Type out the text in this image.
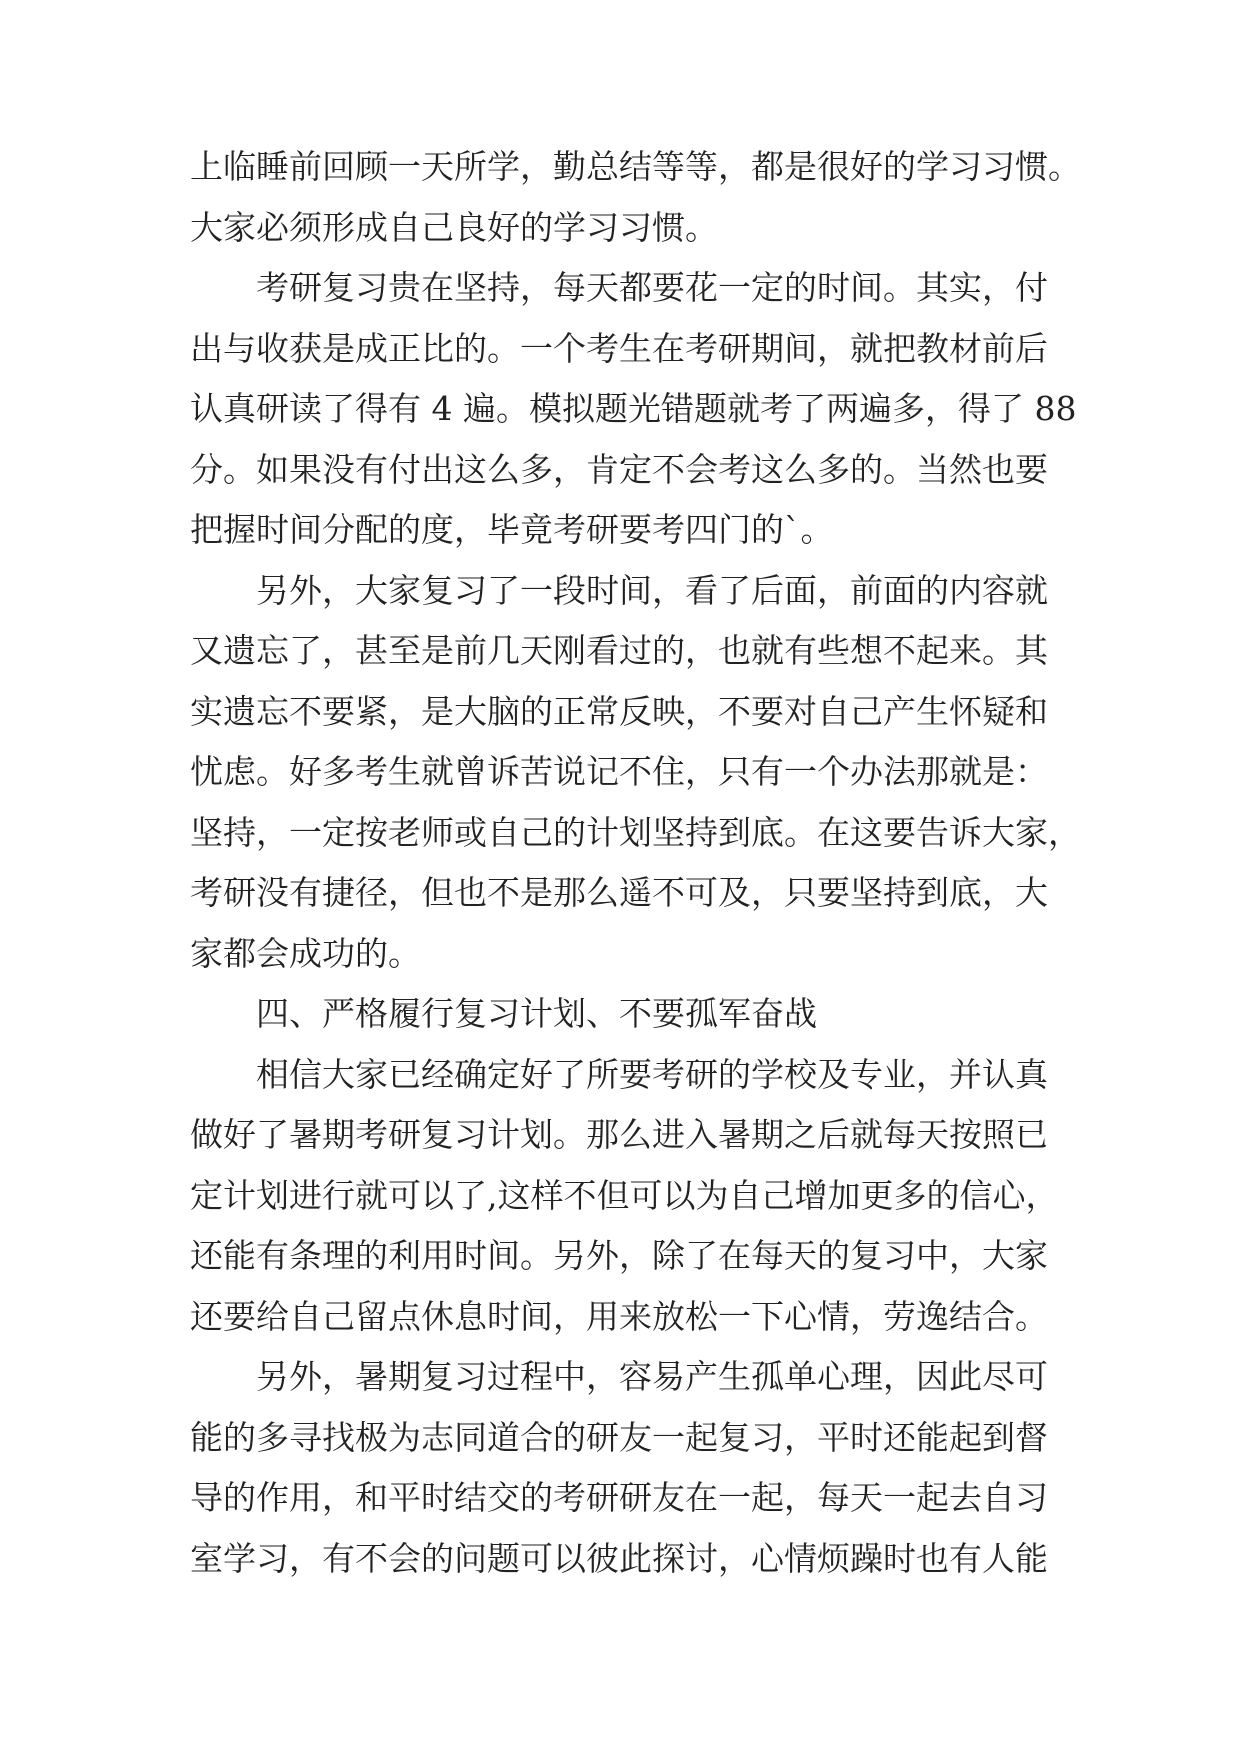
上临睡前回顾一天所学，勤总结等等，都是很好的学习习惯。
大家必须形成自己良好的学习习惯。
考研复习贵在坚持，每天都要花一定的时间。其实，付
出与收获是成正比的。一个考生在考研期间，就把教材前后
认真研读了得有 4 遍。模拟题光错题就考了两遍多，得了 88
分。如果没有付出这么多，肯定不会考这么多的。当然也要
把握时间分配的度，毕竟考研要考四门的`。
另外，大家复习了一段时间，看了后面，前面的内容就
又遗忘了，甚至是前几天刚看过的，也就有些想不起来。其
实遗忘不要紧，是大脑的正常反映，不要对自己产生怀疑和
忧虑。好多考生就曾诉苦说记不住，只有一个办法那就是：
坚持，一定按老师或自己的计划坚持到底。在这要告诉大家，
考研没有捷径，但也不是那么遥不可及，只要坚持到底，大
家都会成功的。
四、严格履行复习计划、不要孤军奋战
相信大家已经确定好了所要考研的学校及专业，并认真
做好了暑期考研复习计划。那么进入暑期之后就每天按照已
定计划进行就可以了,这样不但可以为自己增加更多的信心，
还能有条理的利用时间。另外，除了在每天的复习中，大家
还要给自己留点休息时间，用来放松一下心情，劳逸结合。
另外，暑期复习过程中，容易产生孤单心理，因此尽可
能的多寻找极为志同道合的研友一起复习，平时还能起到督
导的作用，和平时结交的考研研友在一起，每天一起去自习
室学习，有不会的问题可以彼此探讨，心情烦躁时也有人能
